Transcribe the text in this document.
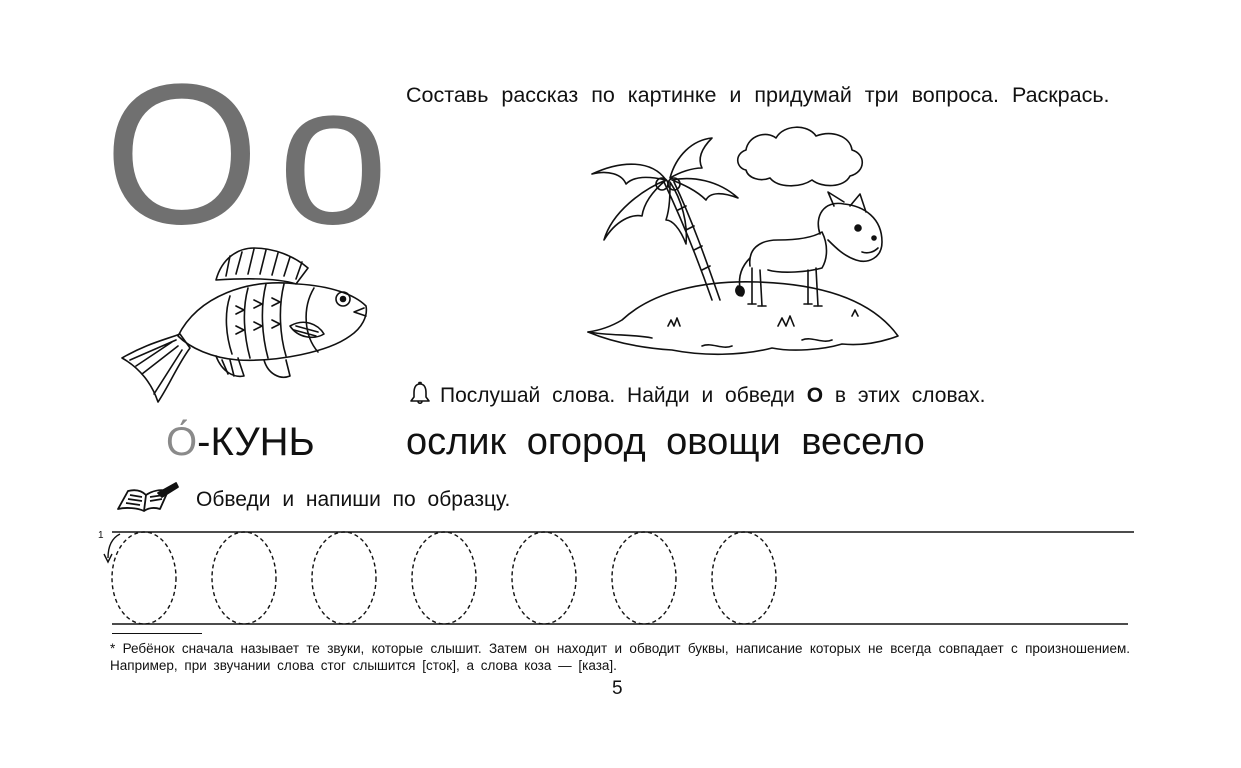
Оо Составь рассказ по картинке и придумай три вопроса. Раскрась.
Послушай слова. Найди и обведи О в этих словах.
ослик огород овощи весело
О́-КУНЬ
Обведи и напиши по образцу.
1
* Ребёнок сначала называет те звуки, которые слышит. Затем он находит и обводит буквы, написание которых не всегда совпадает с произношением. Например, при звучании слова стог слышится [сток], а слова коза — [каза].
5
